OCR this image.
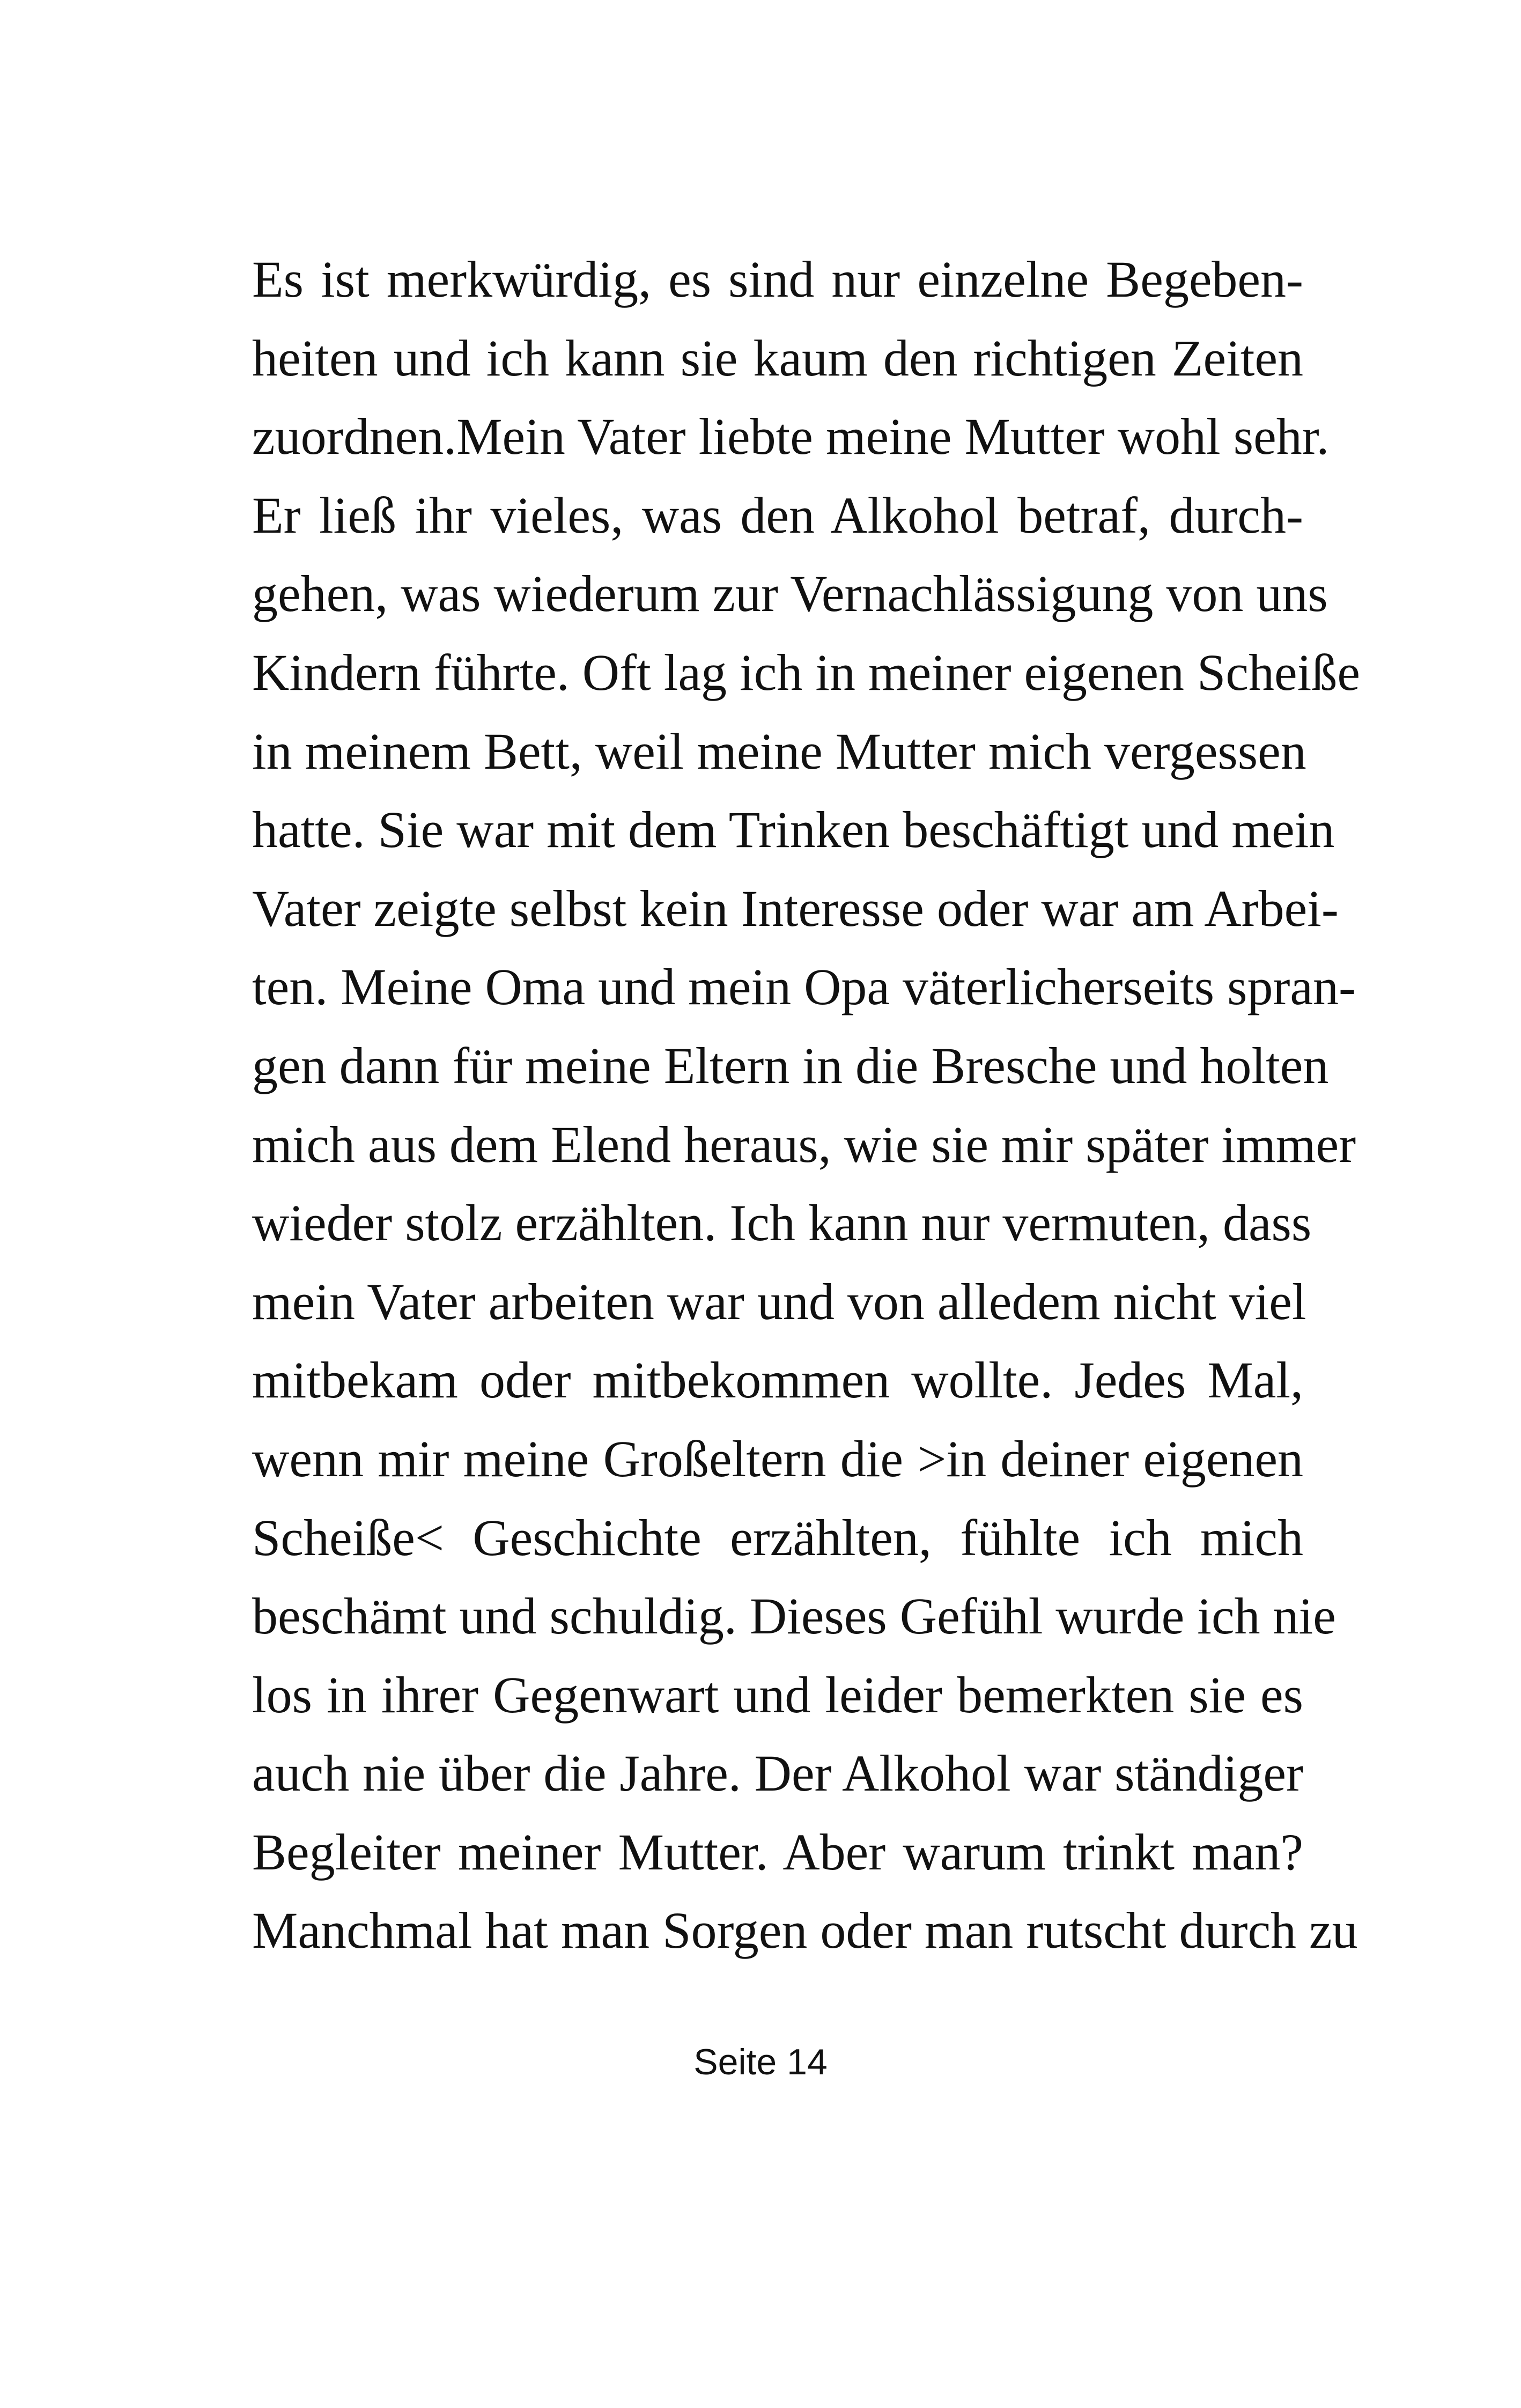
Es ist merkwürdig, es sind nur einzelne Begeben-
heiten und ich kann sie kaum den richtigen Zeiten
zuordnen.Mein Vater liebte meine Mutter wohl sehr.
Er ließ ihr vieles, was den Alkohol betraf, durch-
gehen, was wiederum zur Vernachlässigung von uns
Kindern führte. Oft lag ich in meiner eigenen Scheiße
in meinem Bett, weil meine Mutter mich vergessen
hatte. Sie war mit dem Trinken beschäftigt und mein
Vater zeigte selbst kein Interesse oder war am Arbei-
ten. Meine Oma und mein Opa väterlicherseits spran-
gen dann für meine Eltern in die Bresche und holten
mich aus dem Elend heraus, wie sie mir später immer
wieder stolz erzählten. Ich kann nur vermuten, dass
mein Vater arbeiten war und von alledem nicht viel
mitbekam oder mitbekommen wollte. Jedes Mal,
wenn mir meine Großeltern die >in deiner eigenen
Scheiße< Geschichte erzählten, fühlte ich mich
beschämt und schuldig. Dieses Gefühl wurde ich nie
los in ihrer Gegenwart und leider bemerkten sie es
auch nie über die Jahre. Der Alkohol war ständiger
Begleiter meiner Mutter. Aber warum trinkt man?
Manchmal hat man Sorgen oder man rutscht durch zu
Seite 14
